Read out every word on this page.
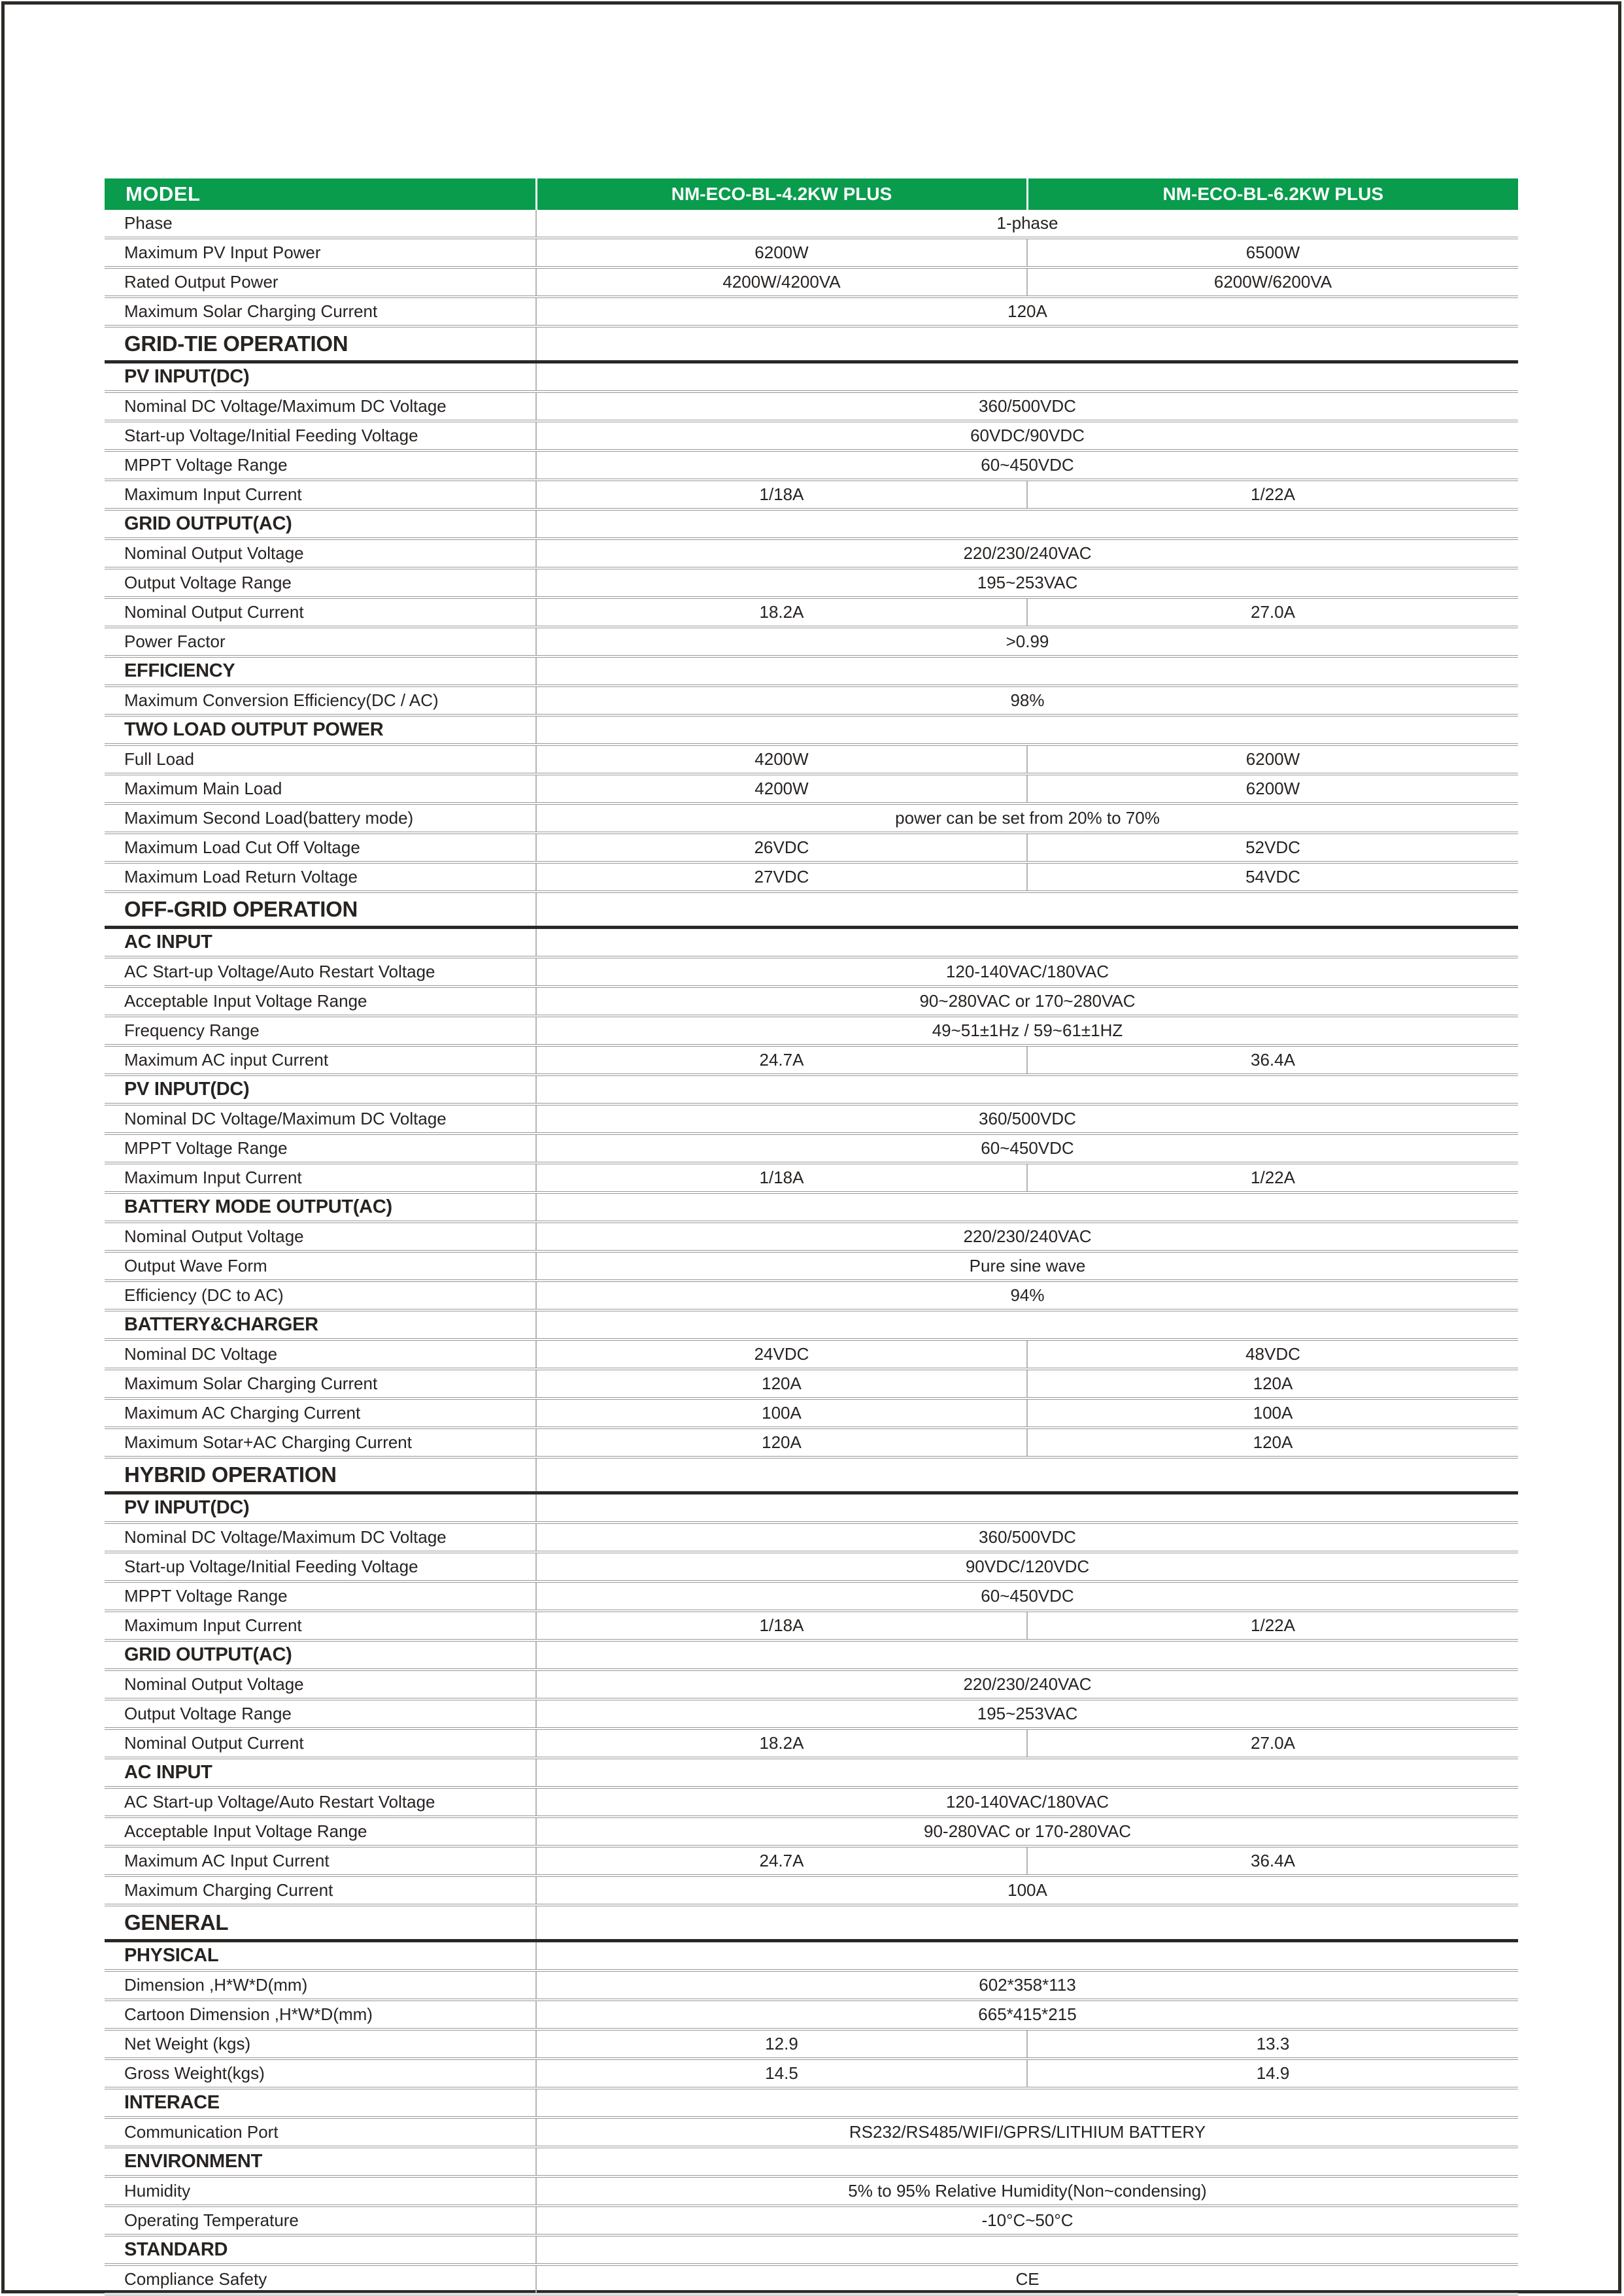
MODEL	NM-ECO-BL-4.2KW PLUS	NM-ECO-BL-6.2KW PLUS
Phase	1-phase	
Maximum PV Input Power	6200W	6500W
Rated Output Power	4200W/4200VA	6200W/6200VA
Maximum Solar Charging Current	120A	
GRID-TIE OPERATION		
PV INPUT(DC)		
Nominal DC Voltage/Maximum DC Voltage	360/500VDC	
Start-up Voltage/Initial Feeding Voltage	60VDC/90VDC	
MPPT Voltage Range	60~450VDC	
Maximum Input Current	1/18A	1/22A
GRID OUTPUT(AC)		
Nominal Output Voltage	220/230/240VAC	
Output Voltage Range	195~253VAC	
Nominal Output Current	18.2A	27.0A
Power Factor	>0.99	
EFFICIENCY		
Maximum Conversion Efficiency(DC / AC)	98%	
TWO LOAD OUTPUT POWER		
Full Load	4200W	6200W
Maximum Main Load	4200W	6200W
Maximum Second Load(battery mode)	power can be set from 20% to 70%	
Maximum Load Cut Off Voltage	26VDC	52VDC
Maximum Load Return Voltage	27VDC	54VDC
OFF-GRID OPERATION		
AC INPUT		
AC Start-up Voltage/Auto Restart Voltage	120-140VAC/180VAC	
Acceptable Input Voltage Range	90~280VAC or 170~280VAC	
Frequency Range	49~51±1Hz / 59~61±1HZ	
Maximum AC input Current	24.7A	36.4A
PV INPUT(DC)		
Nominal DC Voltage/Maximum DC Voltage	360/500VDC	
MPPT Voltage Range	60~450VDC	
Maximum Input Current	1/18A	1/22A
BATTERY MODE OUTPUT(AC)		
Nominal Output Voltage	220/230/240VAC	
Output Wave Form	Pure sine wave	
Efficiency (DC to AC)	94%	
BATTERY&CHARGER		
Nominal DC Voltage	24VDC	48VDC
Maximum Solar Charging Current	120A	120A
Maximum AC Charging Current	100A	100A
Maximum Sotar+AC Charging Current	120A	120A
HYBRID OPERATION		
PV INPUT(DC)		
Nominal DC Voltage/Maximum DC Voltage	360/500VDC	
Start-up Voltage/Initial Feeding Voltage	90VDC/120VDC	
MPPT Voltage Range	60~450VDC	
Maximum Input Current	1/18A	1/22A
GRID OUTPUT(AC)		
Nominal Output Voltage	220/230/240VAC	
Output Voltage Range	195~253VAC	
Nominal Output Current	18.2A	27.0A
AC INPUT		
AC Start-up Voltage/Auto Restart Voltage	120-140VAC/180VAC	
Acceptable Input Voltage Range	90-280VAC or 170-280VAC	
Maximum AC Input Current	24.7A	36.4A
Maximum Charging Current	100A	
GENERAL		
PHYSICAL		
Dimension ,H*W*D(mm)	602*358*113	
Cartoon Dimension ,H*W*D(mm)	665*415*215	
Net Weight (kgs)	12.9	13.3
Gross Weight(kgs)	14.5	14.9
INTERACE		
Communication Port	RS232/RS485/WIFI/GPRS/LITHIUM BATTERY	
ENVIRONMENT		
Humidity	5% to 95% Relative Humidity(Non~condensing)	
Operating Temperature	-10°C~50°C	
STANDARD		
Compliance Safety	CE	
